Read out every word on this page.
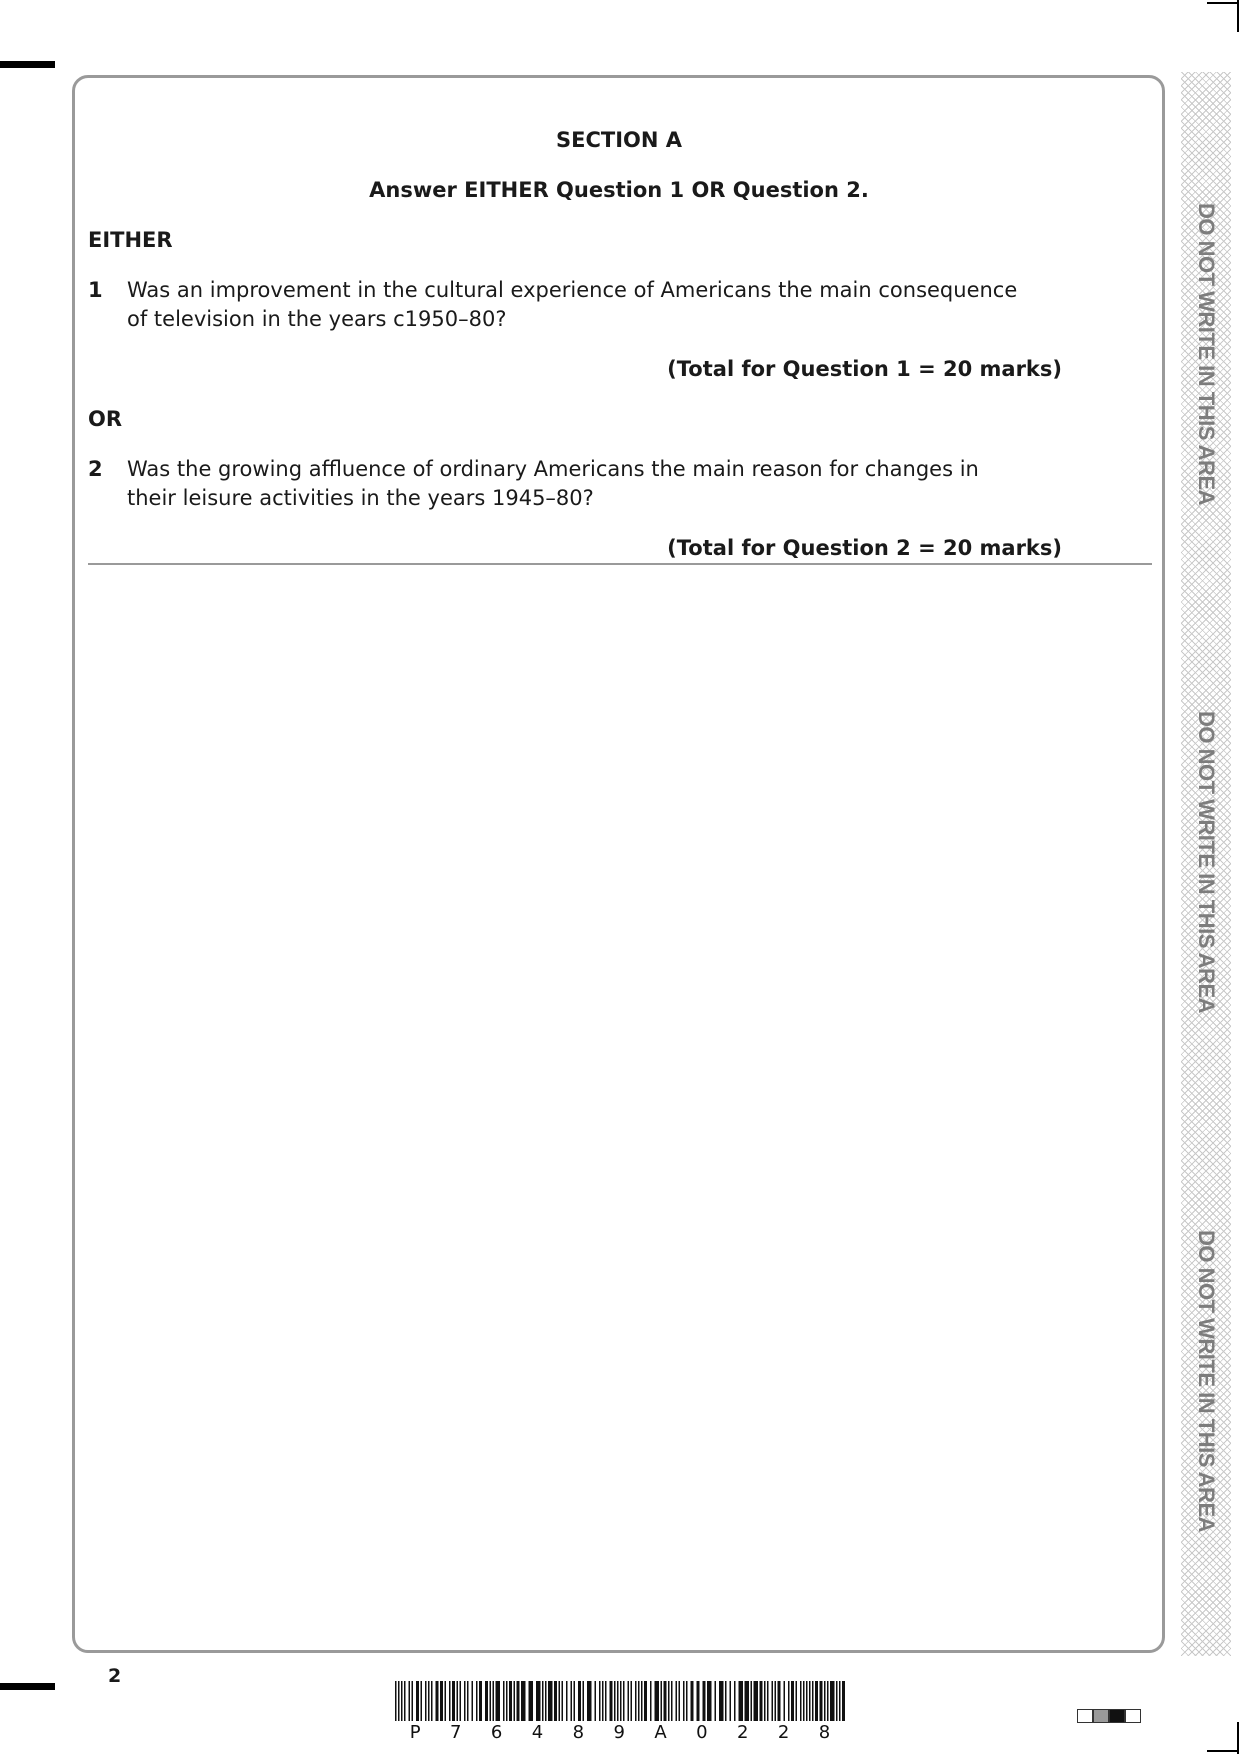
DO NOT WRITE IN THIS AREA
DO NOT WRITE IN THIS AREA
DO NOT WRITE IN THIS AREA
SECTION A
Answer EITHER Question 1 OR Question 2.
EITHER
1 Was an improvement in the cultural experience of Americans the main consequence
of television in the years c1950–80?
(Total for Question 1 = 20 marks)
OR
2 Was the growing affluence of ordinary Americans the main reason for changes in
their leisure activities in the years 1945–80?
(Total for Question 2 = 20 marks)
2
P 7 6 4 8 9 A 0 2 2 8
